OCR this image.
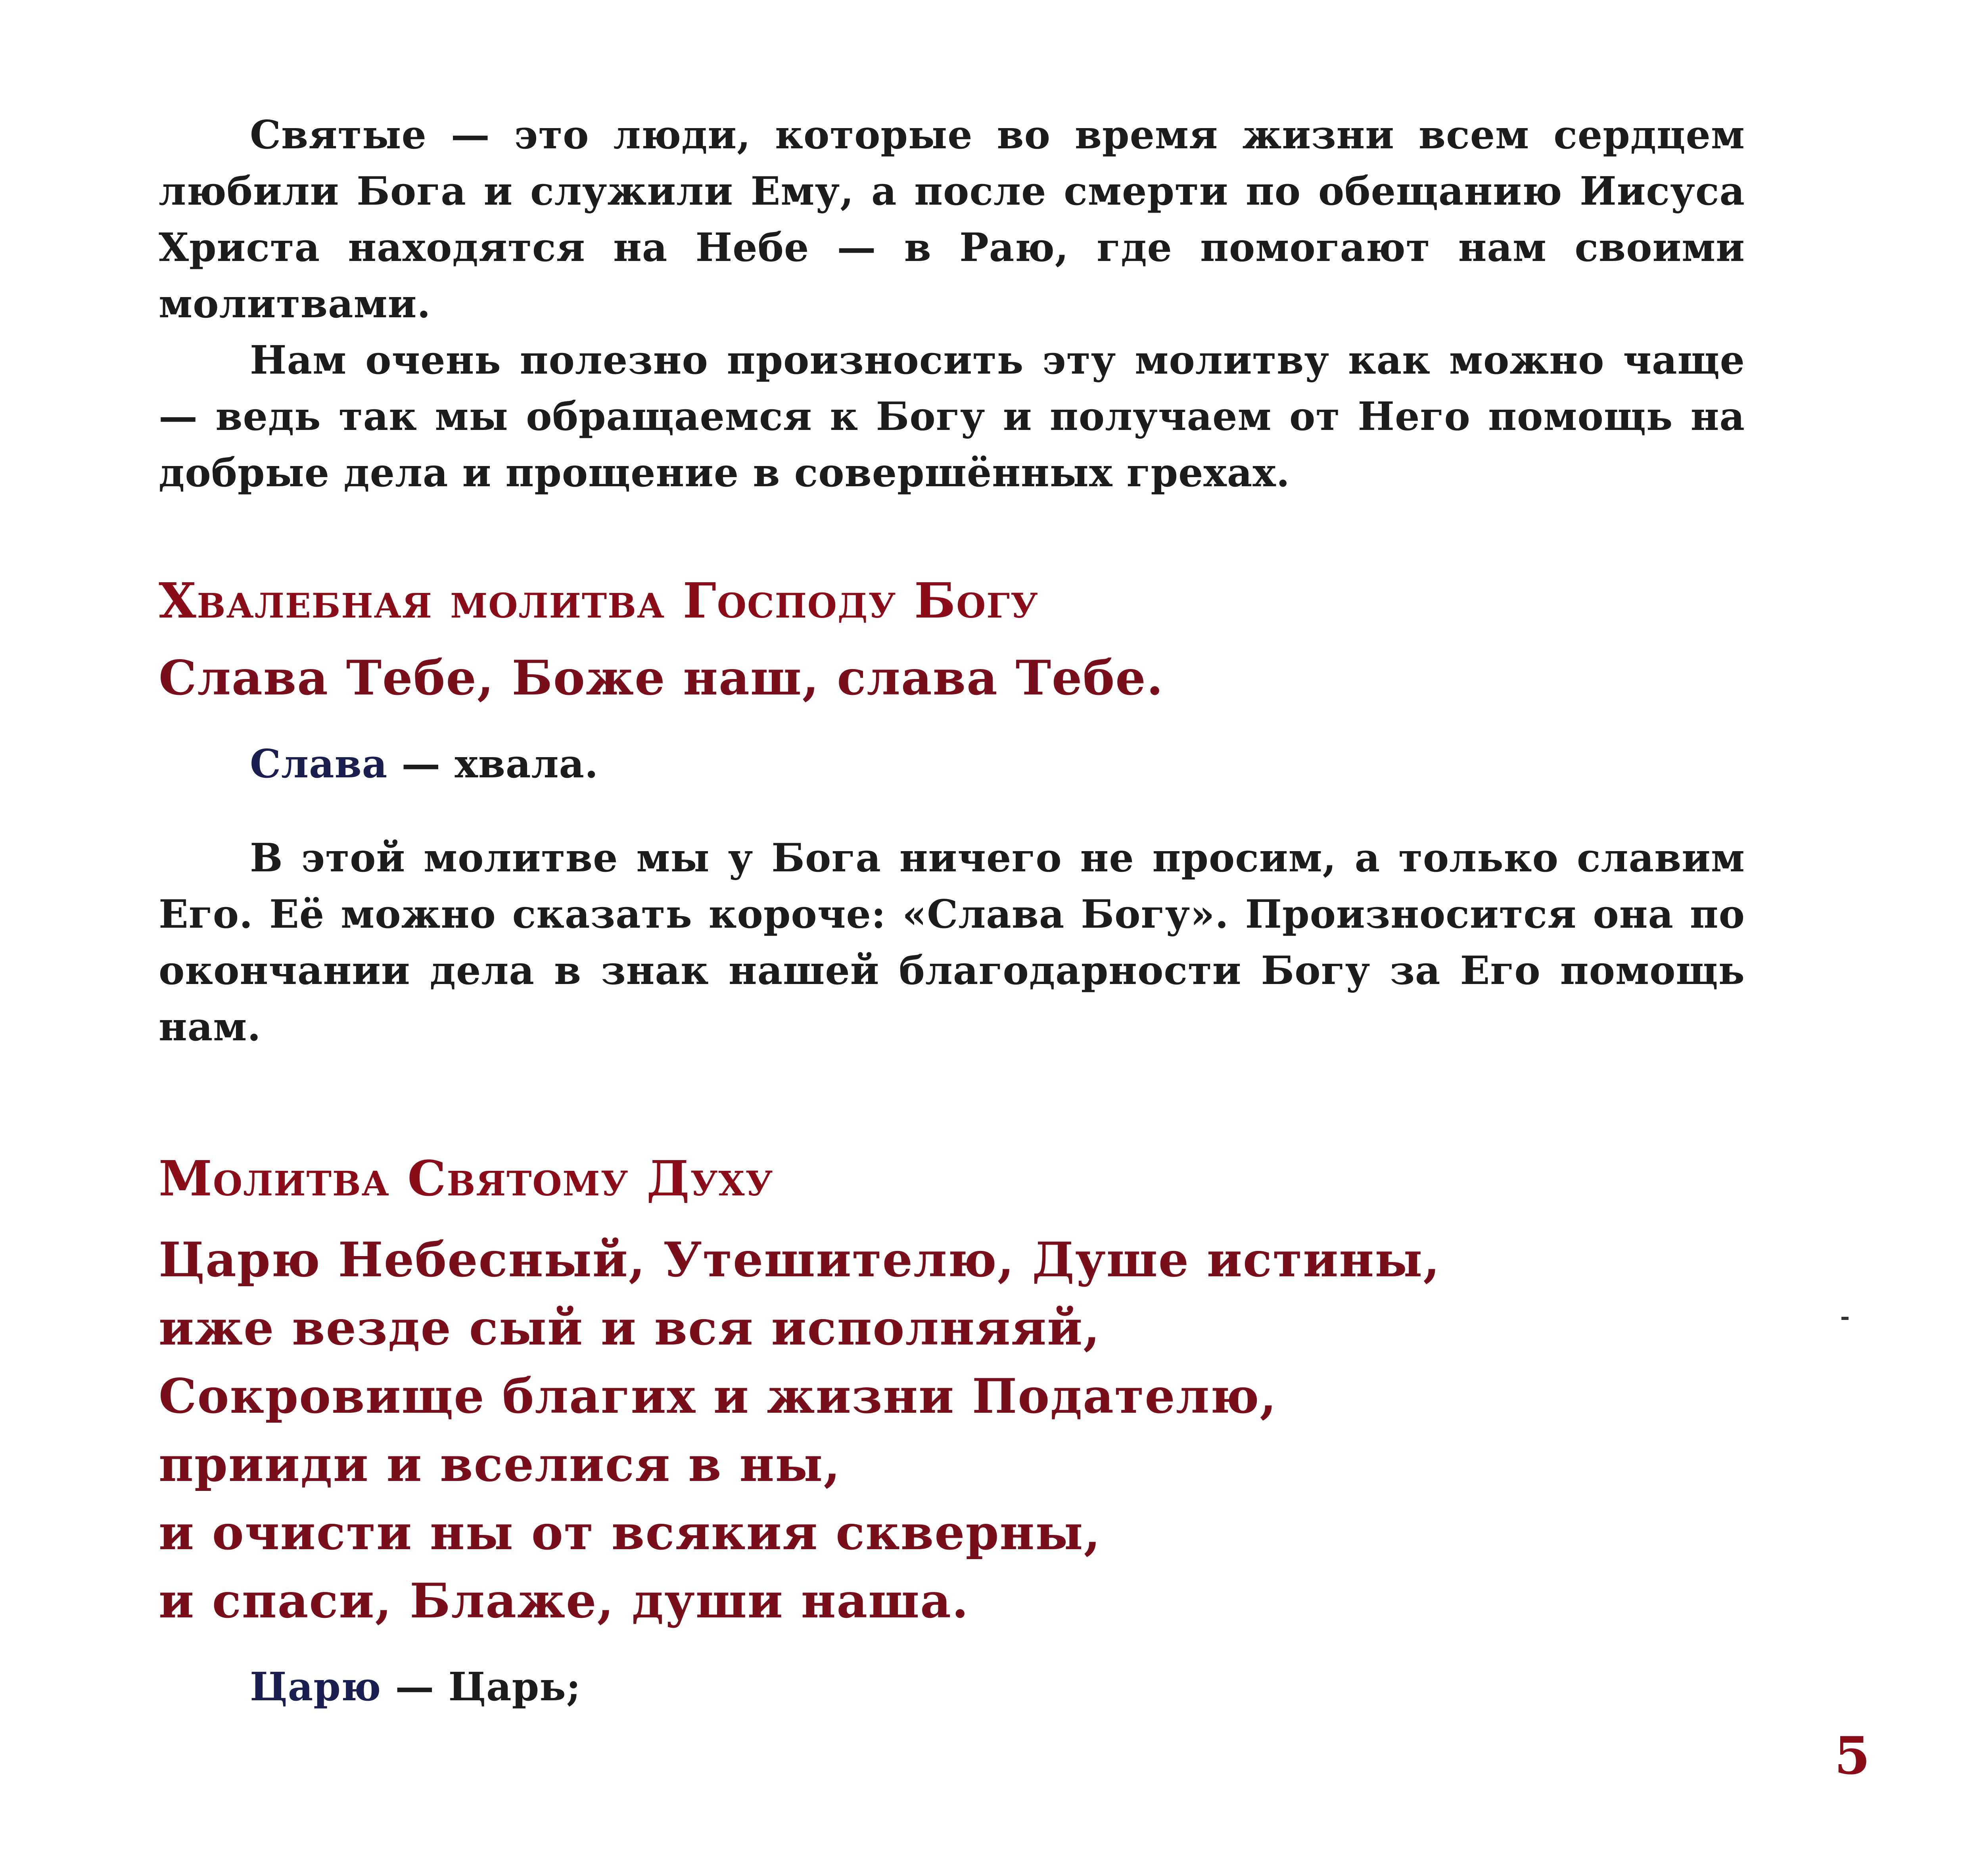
Святые — это люди, которые во время жизни всем сердцем любили Бога и служили Ему, а после смерти по обещанию Иисуса Христа находятся на Небе — в Раю, где помогают нам своими молитвами.

Нам очень полезно произносить эту молитву как можно чаще — ведь так мы обращаемся к Богу и получаем от Него помощь на добрые дела и прощение в совершённых грехах.

Хвалебная молитва Господу Богу

Слава Тебе, Боже наш, слава Тебе.

Слава — хвала.

В этой молитве мы у Бога ничего не просим, а только славим Его. Её можно сказать короче: «Слава Богу». Произносится она по окончании дела в знак нашей благодарности Богу за Его помощь нам.

Молитва Святому Духу

Царю Небесный, Утешителю, Душе истины,

иже везде сый и вся исполняяй,

Сокровище благих и жизни Подателю,

прииди и вселися в ны,

и очисти ны от всякия скверны,

и спаси, Блаже, души наша.

Царю — Царь;

5
